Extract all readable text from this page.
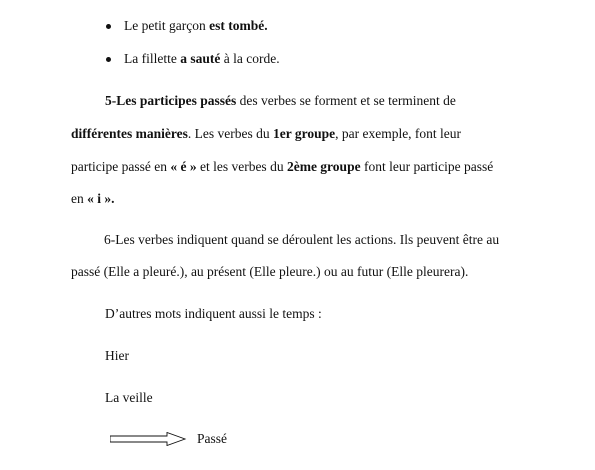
Le petit garçon est tombé.
La fillette a sauté à la corde.
5-Les participes passés des verbes se forment et se terminent de
différentes manières. Les verbes du 1er groupe, par exemple, font leur
participe passé en « é » et les verbes du 2ème groupe font leur participe passé
en « i ».
6-Les verbes indiquent quand se déroulent les actions. Ils peuvent être au
passé (Elle a pleuré.), au présent (Elle pleure.) ou au futur (Elle pleurera).
D’autres mots indiquent aussi le temps :
Hier
La veille
Passé
